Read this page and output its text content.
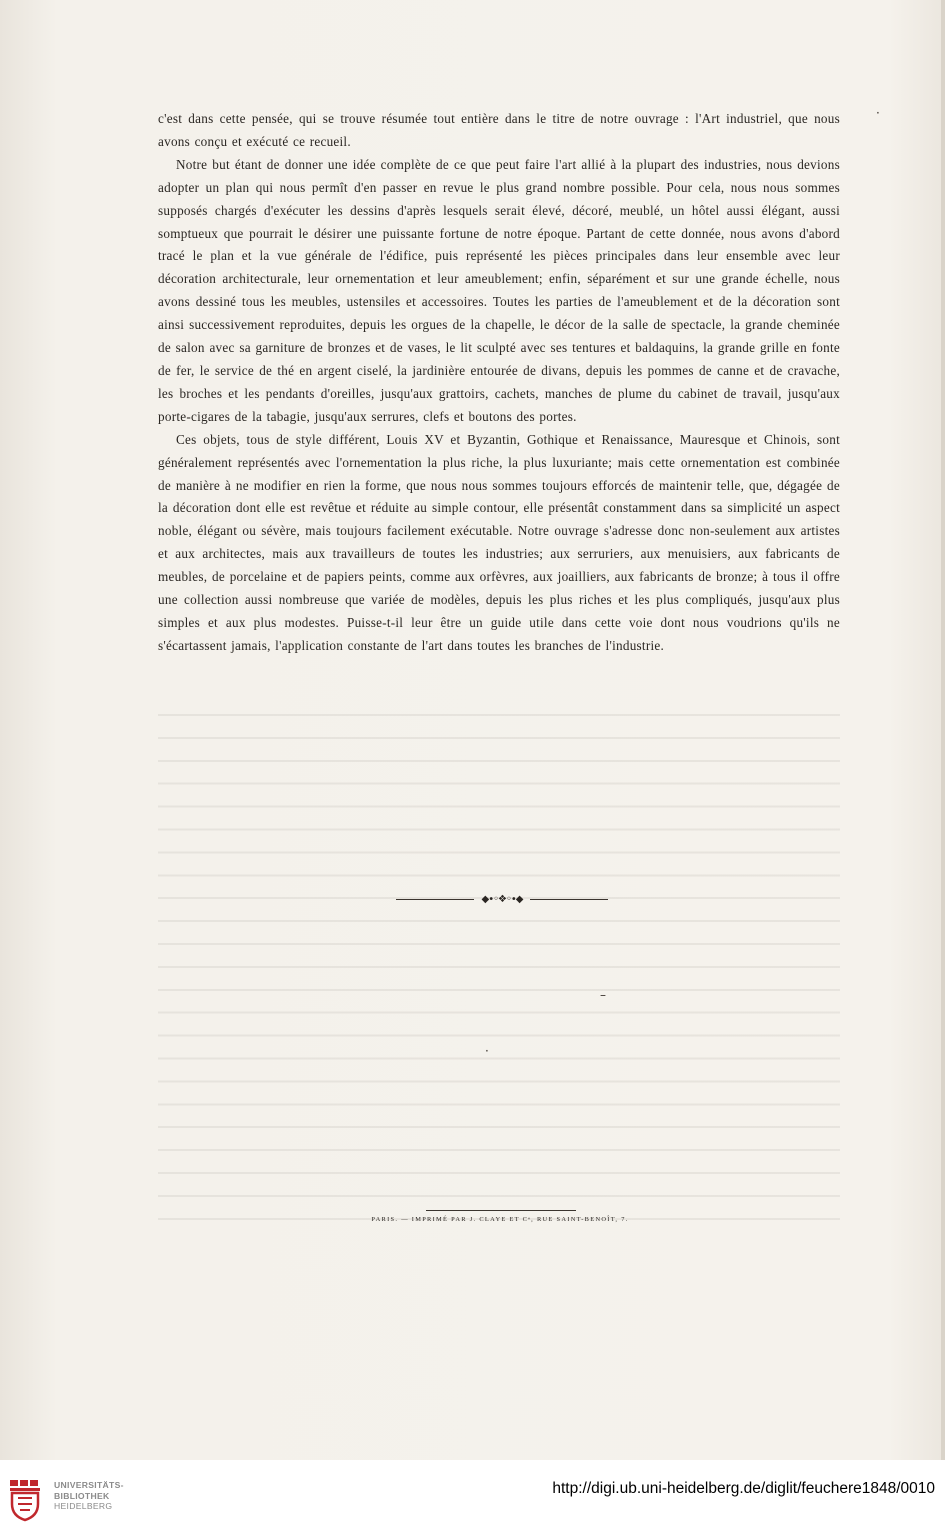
c'est dans cette pensée, qui se trouve résumée tout entière dans le titre de notre ouvrage : l'Art industriel, que nous avons conçu et exécuté ce recueil.

Notre but étant de donner une idée complète de ce que peut faire l'art allié à la plupart des industries, nous devions adopter un plan qui nous permît d'en passer en revue le plus grand nombre possible. Pour cela, nous nous sommes supposés chargés d'exécuter les dessins d'après lesquels serait élevé, décoré, meublé, un hôtel aussi élégant, aussi somptueux que pourrait le désirer une puissante fortune de notre époque. Partant de cette donnée, nous avons d'abord tracé le plan et la vue générale de l'édifice, puis représenté les pièces principales dans leur ensemble avec leur décoration architecturale, leur ornementation et leur ameublement; enfin, séparément et sur une grande échelle, nous avons dessiné tous les meubles, ustensiles et accessoires. Toutes les parties de l'ameublement et de la décoration sont ainsi successivement reproduites, depuis les orgues de la chapelle, le décor de la salle de spectacle, la grande cheminée de salon avec sa garniture de bronzes et de vases, le lit sculpté avec ses tentures et baldaquins, la grande grille en fonte de fer, le service de thé en argent ciselé, la jardinière entourée de divans, depuis les pommes de canne et de cravache, les broches et les pendants d'oreilles, jusqu'aux grattoirs, cachets, manches de plume du cabinet de travail, jusqu'aux porte-cigares de la tabagie, jusqu'aux serrures, clefs et boutons des portes.

Ces objets, tous de style différent, Louis XV et Byzantin, Gothique et Renaissance, Mauresque et Chinois, sont généralement représentés avec l'ornementation la plus riche, la plus luxuriante; mais cette ornementation est combinée de manière à ne modifier en rien la forme, que nous nous sommes toujours efforcés de maintenir telle, que, dégagée de la décoration dont elle est revêtue et réduite au simple contour, elle présentât constamment dans sa simplicité un aspect noble, élégant ou sévère, mais toujours facilement exécutable. Notre ouvrage s'adresse donc non-seulement aux artistes et aux architectes, mais aux travailleurs de toutes les industries; aux serruriers, aux menuisiers, aux fabricants de meubles, de porcelaine et de papiers peints, comme aux orfèvres, aux joailliers, aux fabricants de bronze; à tous il offre une collection aussi nombreuse que variée de modèles, depuis les plus riches et les plus compliqués, jusqu'aux plus simples et aux plus modestes. Puisse-t-il leur être un guide utile dans cette voie dont nous voudrions qu'ils ne s'écartassent jamais, l'application constante de l'art dans toutes les branches de l'industrie.

◆•◦❖◦•◆
·
–
·
PARIS. — IMPRIMÉ PAR J. CLAYE ET Cᵉ, RUE SAINT-BENOÎT, 7.
UNIVERSITÄTS-
BIBLIOTHEK
HEIDELBERG
http://digi.ub.uni-heidelberg.de/diglit/feuchere1848/0010
